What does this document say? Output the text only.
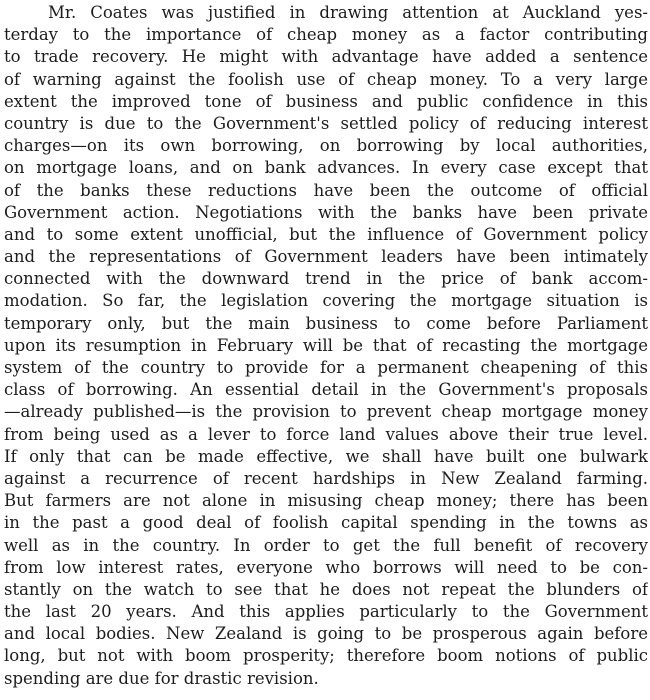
Mr. Coates was justified in drawing attention at Auckland yes-
terday to the importance of cheap money as a factor contributing
to trade recovery. He might with advantage have added a sentence
of warning against the foolish use of cheap money. To a very large
extent the improved tone of business and public confidence in this
country is due to the Government's settled policy of reducing interest
charges—on its own borrowing, on borrowing by local authorities,
on mortgage loans, and on bank advances. In every case except that
of the banks these reductions have been the outcome of official
Government action. Negotiations with the banks have been private
and to some extent unofficial, but the influence of Government policy
and the representations of Government leaders have been intimately
connected with the downward trend in the price of bank accom-
modation. So far, the legislation covering the mortgage situation is
temporary only, but the main business to come before Parliament
upon its resumption in February will be that of recasting the mortgage
system of the country to provide for a permanent cheapening of this
class of borrowing. An essential detail in the Government's proposals
—already published—is the provision to prevent cheap mortgage money
from being used as a lever to force land values above their true level.
If only that can be made effective, we shall have built one bulwark
against a recurrence of recent hardships in New Zealand farming.
But farmers are not alone in misusing cheap money; there has been
in the past a good deal of foolish capital spending in the towns as
well as in the country. In order to get the full benefit of recovery
from low interest rates, everyone who borrows will need to be con-
stantly on the watch to see that he does not repeat the blunders of
the last 20 years. And this applies particularly to the Government
and local bodies. New Zealand is going to be prosperous again before
long, but not with boom prosperity; therefore boom notions of public
spending are due for drastic revision.
